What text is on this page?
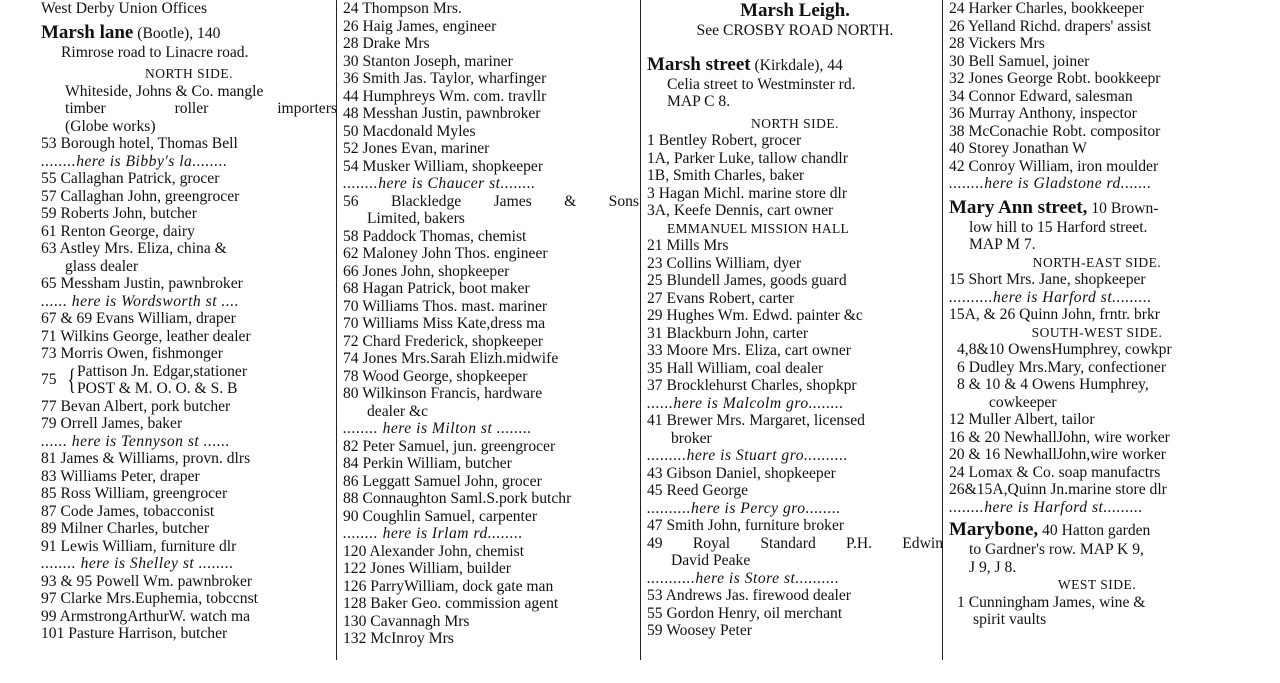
West Derby Union Offices
Marsh lane (Bootle), 140
Rimrose road to Linacre road.
NORTH SIDE.
Whiteside, Johns & Co. mangle
timber roller importers
(Globe works)
53 Borough hotel, Thomas Bell
........here is Bibby's la........
55 Callaghan Patrick, grocer
57 Callaghan John, greengrocer
59 Roberts John, butcher
61 Renton George, dairy
63 Astley Mrs. Eliza, china &
glass dealer
65 Messham Justin, pawnbroker
...... here is Wordsworth st ....
67 & 69 Evans William, draper
71 Wilkins George, leather dealer
73 Morris Owen, fishmonger
75 { Pattison Jn. Edgar,stationer
POST & M. O. O. & S. B
77 Bevan Albert, pork butcher
79 Orrell James, baker
...... here is Tennyson st ......
81 James & Williams, provn. dlrs
83 Williams Peter, draper
85 Ross William, greengrocer
87 Code James, tobacconist
89 Milner Charles, butcher
91 Lewis William, furniture dlr
........ here is Shelley st ........
93 & 95 Powell Wm. pawnbroker
97 Clarke Mrs.Euphemia, tobccnst
99 ArmstrongArthurW. watch ma
101 Pasture Harrison, butcher
24 Thompson Mrs.
26 Haig James, engineer
28 Drake Mrs
30 Stanton Joseph, mariner
36 Smith Jas. Taylor, wharfinger
44 Humphreys Wm. com. travllr
48 Messhan Justin, pawnbroker
50 Macdonald Myles
52 Jones Evan, mariner
54 Musker William, shopkeeper
........here is Chaucer st........
56 Blackledge James & Sons
Limited, bakers
58 Paddock Thomas, chemist
62 Maloney John Thos. engineer
66 Jones John, shopkeeper
68 Hagan Patrick, boot maker
70 Williams Thos. mast. mariner
70 Williams Miss Kate,dress ma
72 Chard Frederick, shopkeeper
74 Jones Mrs.Sarah Elizh.midwife
78 Wood George, shopkeeper
80 Wilkinson Francis, hardware
dealer &c
........ here is Milton st ........
82 Peter Samuel, jun. greengrocer
84 Perkin William, butcher
86 Leggatt Samuel John, grocer
88 Connaughton Saml.S.pork butchr
90 Coughlin Samuel, carpenter
........ here is Irlam rd........
120 Alexander John, chemist
122 Jones William, builder
126 ParryWilliam, dock gate man
128 Baker Geo. commission agent
130 Cavannagh Mrs
132 McInroy Mrs
Marsh Leigh.
See CROSBY ROAD NORTH.
Marsh street (Kirkdale), 44
Celia street to Westminster rd.
MAP C 8.
NORTH SIDE.
1 Bentley Robert, grocer
1A, Parker Luke, tallow chandlr
1B, Smith Charles, baker
3 Hagan Michl. marine store dlr
3A, Keefe Dennis, cart owner
EMMANUEL MISSION HALL
21 Mills Mrs
23 Collins William, dyer
25 Blundell James, goods guard
27 Evans Robert, carter
29 Hughes Wm. Edwd. painter &c
31 Blackburn John, carter
33 Moore Mrs. Eliza, cart owner
35 Hall William, coal dealer
37 Brocklehurst Charles, shopkpr
......here is Malcolm gro........
41 Brewer Mrs. Margaret, licensed
broker
.........here is Stuart gro..........
43 Gibson Daniel, shopkeeper
45 Reed George
..........here is Percy gro........
47 Smith John, furniture broker
49 Royal Standard P.H. Edwin
David Peake
...........here is Store st..........
53 Andrews Jas. firewood dealer
55 Gordon Henry, oil merchant
59 Woosey Peter
24 Harker Charles, bookkeeper
26 Yelland Richd. drapers' assist
28 Vickers Mrs
30 Bell Samuel, joiner
32 Jones George Robt. bookkeepr
34 Connor Edward, salesman
36 Murray Anthony, inspector
38 McConachie Robt. compositor
40 Storey Jonathan W
42 Conroy William, iron moulder
........here is Gladstone rd.......
Mary Ann street, 10 Brown-
low hill to 15 Harford street.
MAP M 7.
NORTH-EAST SIDE.
15 Short Mrs. Jane, shopkeeper
..........here is Harford st.........
15A, & 26 Quinn John, frntr. brkr
SOUTH-WEST SIDE.
4,8&10 OwensHumphrey, cowkpr
6 Dudley Mrs.Mary, confectioner
8 & 10 & 4 Owens Humphrey,
cowkeeper
12 Muller Albert, tailor
16 & 20 NewhallJohn, wire worker
20 & 16 NewhallJohn,wire worker
24 Lomax & Co. soap manufactrs
26&15A,Quinn Jn.marine store dlr
........here is Harford st.........
Marybone, 40 Hatton garden
to Gardner's row. MAP K 9,
J 9, J 8.
WEST SIDE.
1 Cunningham James, wine &
spirit vaults
